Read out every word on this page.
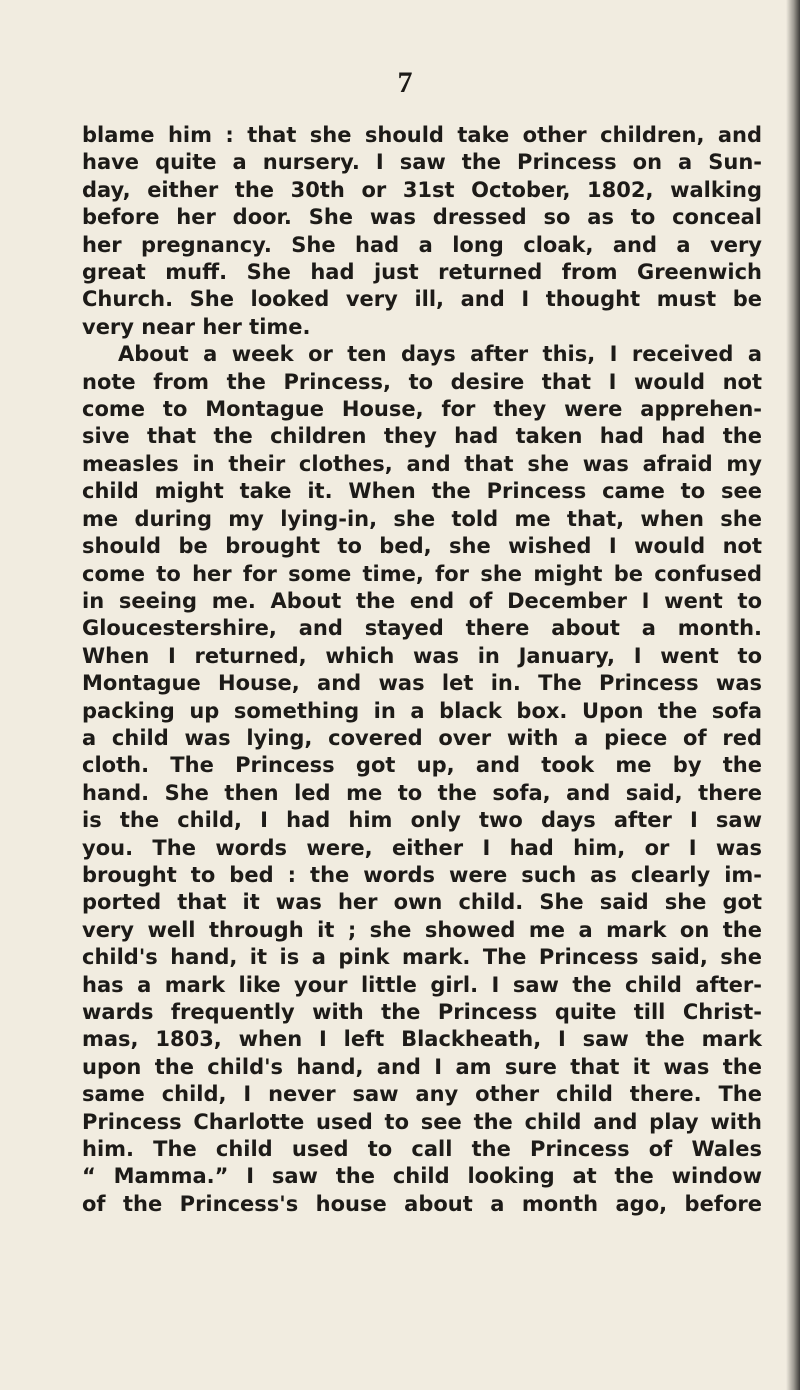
7
blame him : that she should take other children, and
have quite a nursery. I saw the Princess on a Sun-
day, either the 30th or 31st October, 1802, walking
before her door. She was dressed so as to conceal
her pregnancy. She had a long cloak, and a very
great muff. She had just returned from Greenwich
Church. She looked very ill, and I thought must be
very near her time.
About a week or ten days after this, I received a
note from the Princess, to desire that I would not
come to Montague House, for they were apprehen-
sive that the children they had taken had had the
measles in their clothes, and that she was afraid my
child might take it. When the Princess came to see
me during my lying-in, she told me that, when she
should be brought to bed, she wished I would not
come to her for some time, for she might be confused
in seeing me. About the end of December I went to
Gloucestershire, and stayed there about a month.
When I returned, which was in January, I went to
Montague House, and was let in. The Princess was
packing up something in a black box. Upon the sofa
a child was lying, covered over with a piece of red
cloth. The Princess got up, and took me by the
hand. She then led me to the sofa, and said, there
is the child, I had him only two days after I saw
you. The words were, either I had him, or I was
brought to bed : the words were such as clearly im-
ported that it was her own child. She said she got
very well through it ; she showed me a mark on the
child's hand, it is a pink mark. The Princess said, she
has a mark like your little girl. I saw the child after-
wards frequently with the Princess quite till Christ-
mas, 1803, when I left Blackheath, I saw the mark
upon the child's hand, and I am sure that it was the
same child, I never saw any other child there. The
Princess Charlotte used to see the child and play with
him. The child used to call the Princess of Wales
“ Mamma.” I saw the child looking at the window
of the Princess's house about a month ago, before
